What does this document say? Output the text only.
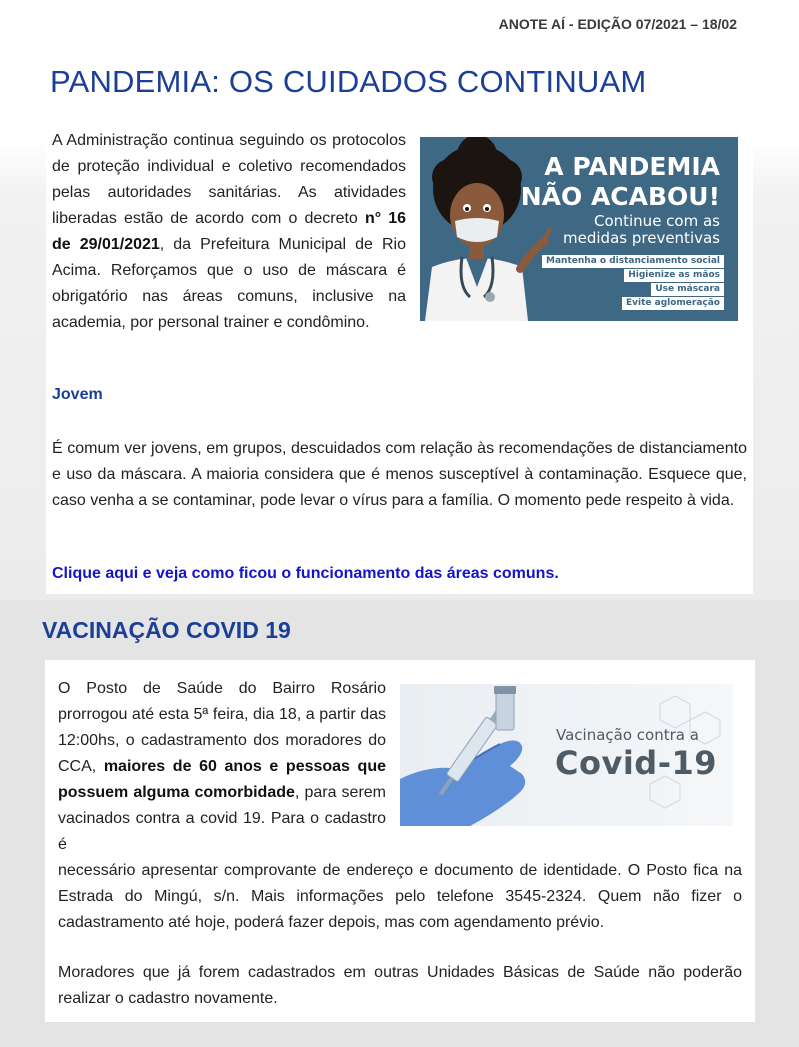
ANOTE AÍ - EDIÇÃO 07/2021 – 18/02
PANDEMIA: OS CUIDADOS CONTINUAM
A Administração continua seguindo os protocolos de proteção individual e coletivo recomendados pelas autoridades sanitárias. As atividades liberadas estão de acordo com o decreto n° 16 de 29/01/2021, da Prefeitura Municipal de Rio Acima. Reforçamos que o uso de máscara é obrigatório nas áreas comuns, inclusive na academia, por personal trainer e condômino.
A PANDEMIA
NÃO ACABOU!
Continue com as
medidas preventivas
Mantenha o distanciamento social
Higienize as mãos
Use máscara
Evite aglomeração
Jovem
É comum ver jovens, em grupos, descuidados com relação às recomendações de distanciamento e uso da máscara. A maioria considera que é menos susceptível à contaminação. Esquece que, caso venha a se contaminar, pode levar o vírus para a família. O momento pede respeito à vida.
Clique aqui e veja como ficou o funcionamento das áreas comuns.
VACINAÇÃO COVID 19
O Posto de Saúde do Bairro Rosário prorrogou até esta 5ª feira, dia 18, a partir das 12:00hs, o cadastramento dos moradores do CCA, maiores de 60 anos e pessoas que possuem alguma comorbidade, para serem vacinados contra a covid 19. Para o cadastro é
Vacinação contra a
Covid-19
necessário apresentar comprovante de endereço e documento de identidade. O Posto fica na Estrada do Mingú, s/n. Mais informações pelo telefone 3545-2324. Quem não fizer o cadastramento até hoje, poderá fazer depois, mas com agendamento prévio.
Moradores que já forem cadastrados em outras Unidades Básicas de Saúde não poderão realizar o cadastro novamente.
